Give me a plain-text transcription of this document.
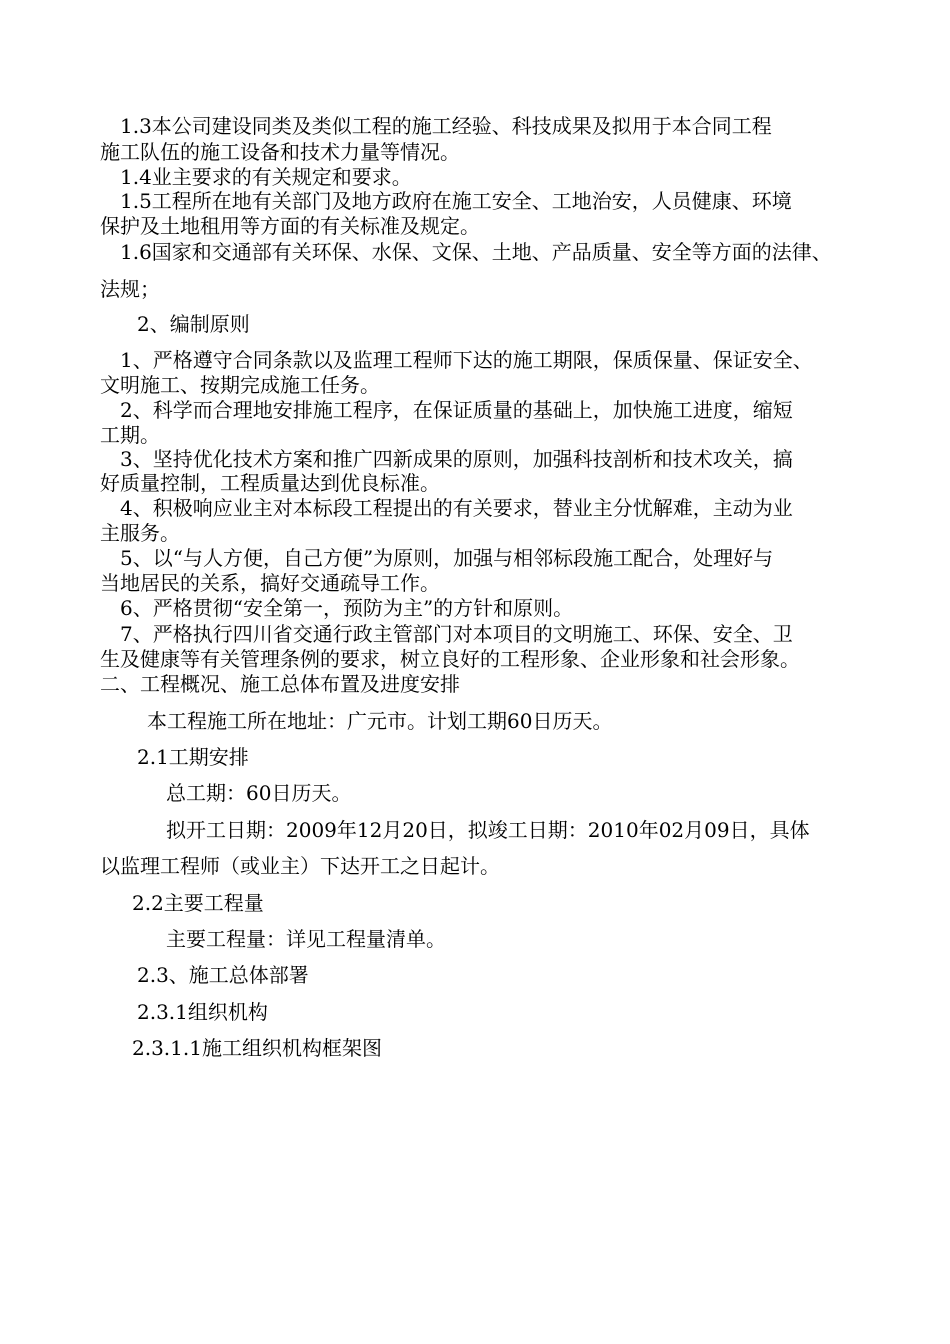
1.3本公司建设同类及类似工程的施工经验、科技成果及拟用于本合同工程
施工队伍的施工设备和技术力量等情况。
1.4业主要求的有关规定和要求。
1.5工程所在地有关部门及地方政府在施工安全、工地治安，人员健康、环境
保护及土地租用等方面的有关标准及规定。
1.6国家和交通部有关环保、水保、文保、土地、产品质量、安全等方面的法律、
法规；
2、编制原则
1、严格遵守合同条款以及监理工程师下达的施工期限，保质保量、保证安全、
文明施工、按期完成施工任务。
2、科学而合理地安排施工程序，在保证质量的基础上，加快施工进度，缩短
工期。
3、坚持优化技术方案和推广四新成果的原则，加强科技剖析和技术攻关，搞
好质量控制，工程质量达到优良标准。
4、积极响应业主对本标段工程提出的有关要求，替业主分忧解难，主动为业
主服务。
5、以“与人方便，自己方便”为原则，加强与相邻标段施工配合，处理好与
当地居民的关系，搞好交通疏导工作。
6、严格贯彻“安全第一，预防为主”的方针和原则。
7、严格执行四川省交通行政主管部门对本项目的文明施工、环保、安全、卫
生及健康等有关管理条例的要求，树立良好的工程形象、企业形象和社会形象。
二、工程概况、施工总体布置及进度安排
本工程施工所在地址：广元市。计划工期60日历天。
2.1工期安排
总工期：60日历天。
拟开工日期：2009年12月20日，拟竣工日期：2010年02月09日，具体
以监理工程师（或业主）下达开工之日起计。
2.2主要工程量
主要工程量：详见工程量清单。
2.3、施工总体部署
2.3.1组织机构
2.3.1.1施工组织机构框架图
